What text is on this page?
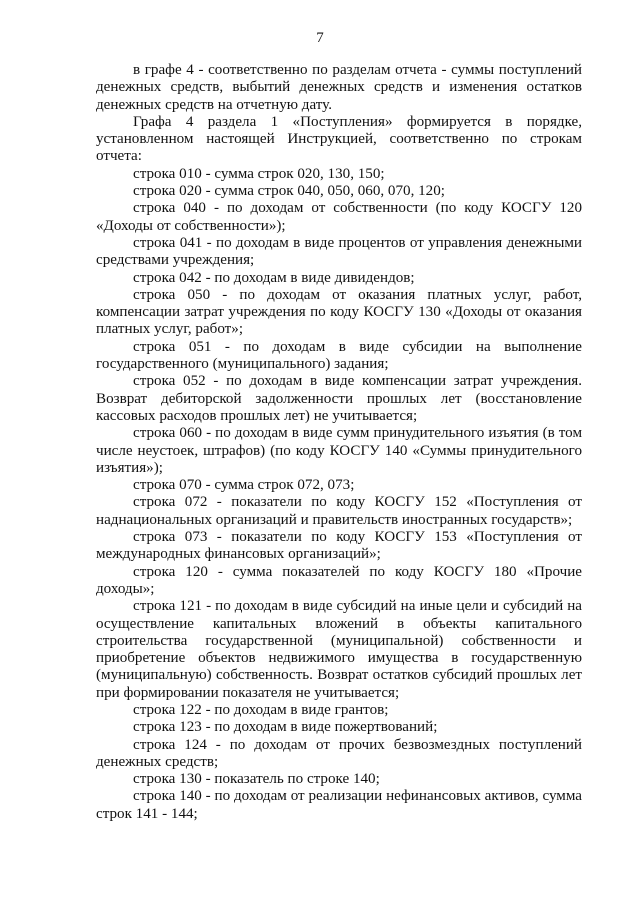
7

в графе 4 - соответственно по разделам отчета - суммы поступлений денежных средств, выбытий денежных средств и изменения остатков денежных средств на отчетную дату.

Графа 4 раздела 1 «Поступления» формируется в порядке, установленном настоящей Инструкцией, соответственно по строкам отчета:

строка 010 - сумма строк 020, 130, 150;

строка 020 - сумма строк 040, 050, 060, 070, 120;

строка 040 - по доходам от собственности (по коду КОСГУ 120 «Доходы от собственности»);

строка 041 - по доходам в виде процентов от управления денежными средствами учреждения;

строка 042 - по доходам в виде дивидендов;

строка 050 - по доходам от оказания платных услуг, работ, компенсации затрат учреждения по коду КОСГУ 130 «Доходы от оказания платных услуг, работ»;

строка 051 - по доходам в виде субсидии на выполнение государственного (муниципального) задания;

строка 052 - по доходам в виде компенсации затрат учреждения. Возврат дебиторской задолженности прошлых лет (восстановление кассовых расходов прошлых лет) не учитывается;

строка 060 - по доходам в виде сумм принудительного изъятия (в том числе неустоек, штрафов) (по коду КОСГУ 140 «Суммы принудительного изъятия»);

строка 070 - сумма строк 072, 073;

строка 072 - показатели по коду КОСГУ 152 «Поступления от наднациональных организаций и правительств иностранных государств»;

строка 073 - показатели по коду КОСГУ 153 «Поступления от международных финансовых организаций»;

строка 120 - сумма показателей по коду КОСГУ 180 «Прочие доходы»;

строка 121 - по доходам в виде субсидий на иные цели и субсидий на осуществление капитальных вложений в объекты капитального строительства государственной (муниципальной) собственности и приобретение объектов недвижимого имущества в государственную (муниципальную) собственность. Возврат остатков субсидий прошлых лет при формировании показателя не учитывается;

строка 122 - по доходам в виде грантов;

строка 123 - по доходам в виде пожертвований;

строка 124 - по доходам от прочих безвозмездных поступлений денежных средств;

строка 130 - показатель по строке 140;

строка 140 - по доходам от реализации нефинансовых активов, сумма строк 141 - 144;
